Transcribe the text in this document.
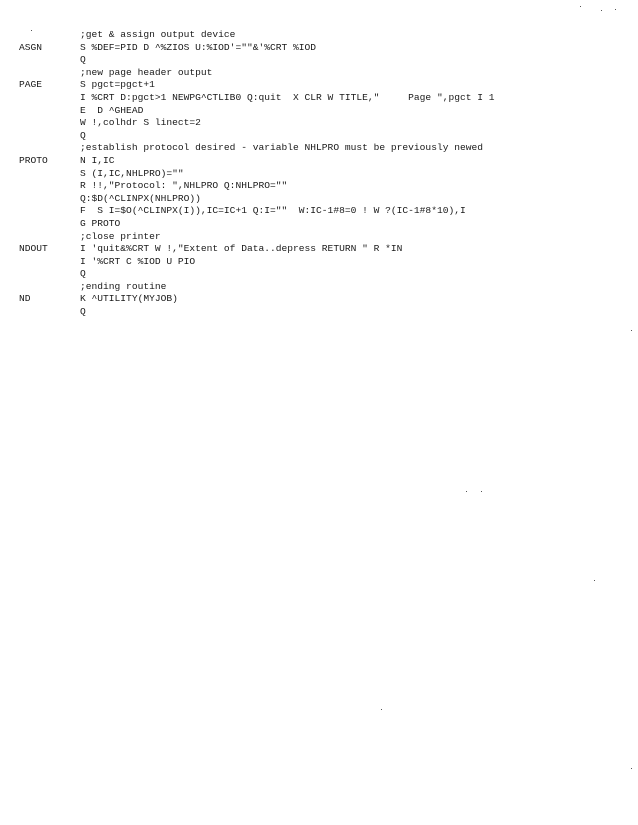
;get & assign output device
ASGN	S %DEF=PID D ^%ZIOS U:%IOD'=""&'%CRT %IOD
Q
;new page header output
PAGE	S pgct=pgct+1
I %CRT D:pgct>1 NEWPG^CTLIB0 Q:quit  X CLR W TITLE,"     Page ",pgct I 1
E  D ^GHEAD
W !,colhdr S linect=2
Q
;establish protocol desired - variable NHLPRO must be previously newed
PROTO	N I,IC
S (I,IC,NHLPRO)=""
R !!,"Protocol: ",NHLPRO Q:NHLPRO=""
Q:$D(^CLINPX(NHLPRO))
F  S I=$O(^CLINPX(I)),IC=IC+1 Q:I=""  W:IC-1#8=0 ! W ?(IC-1#8*10),I
G PROTO
;close printer
NDOUT	I 'quit&%CRT W !,"Extent of Data..depress RETURN " R *IN
I '%CRT C %IOD U PIO
Q
;ending routine
ND	K ^UTILITY(MYJOB)
Q
